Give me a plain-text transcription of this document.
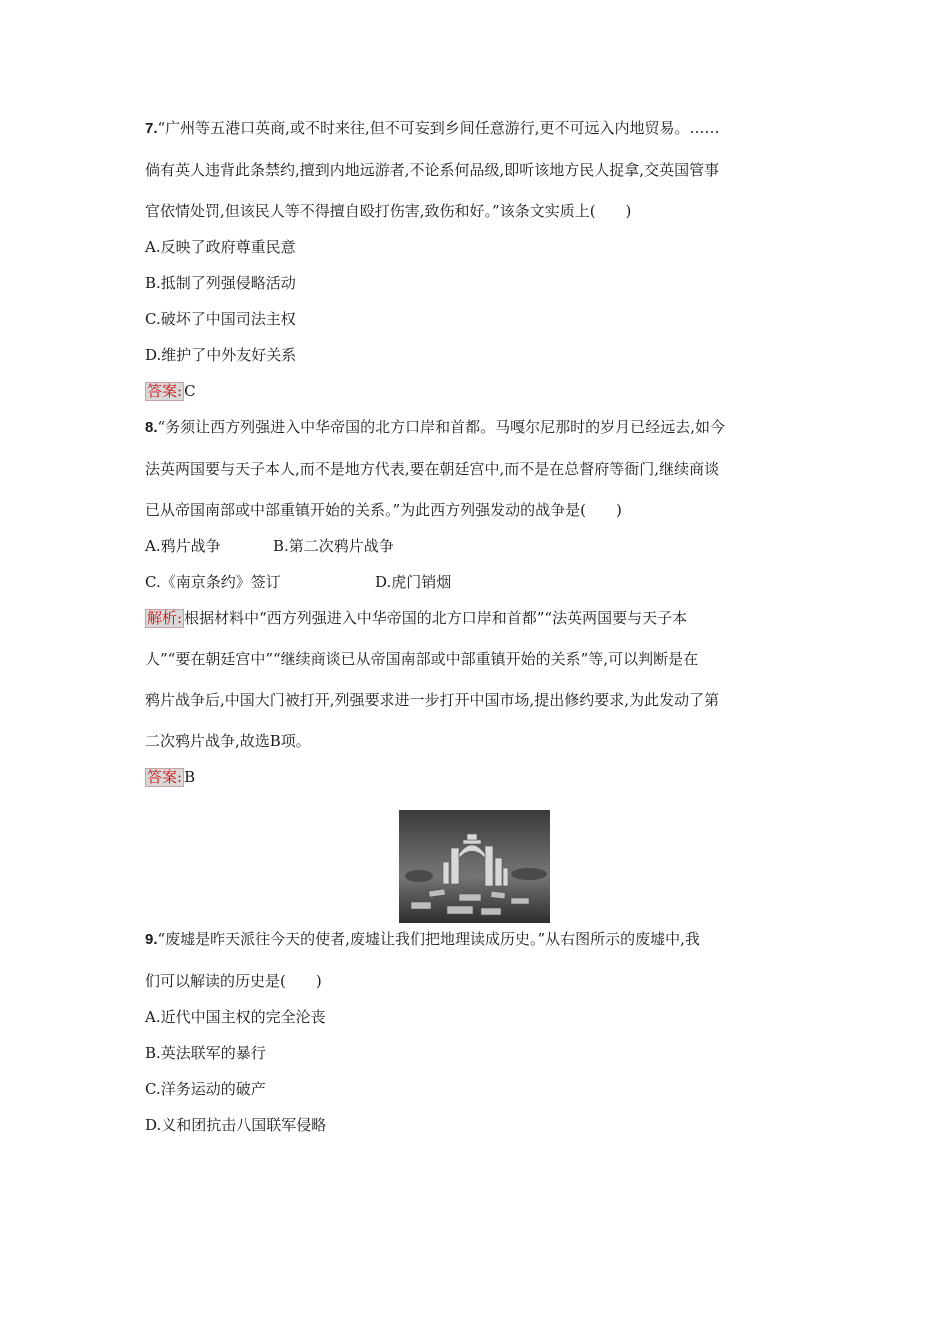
7.“广州等五港口英商,或不时来往,但不可妄到乡间任意游行,更不可远入内地贸易。……

倘有英人违背此条禁约,擅到内地远游者,不论系何品级,即听该地方民人捉拿,交英国管事

官依情处罚,但该民人等不得擅自殴打伤害,致伤和好。”该条文实质上(　　)

A.反映了政府尊重民意

B.抵制了列强侵略活动

C.破坏了中国司法主权

D.维护了中外友好关系

答案: C

8.“务须让西方列强进入中华帝国的北方口岸和首都。马嘎尔尼那时的岁月已经远去,如今

法英两国要与天子本人,而不是地方代表,要在朝廷宫中,而不是在总督府等衙门,继续商谈

已从帝国南部或中部重镇开始的关系。”为此西方列强发动的战争是(　　)

A.鸦片战争	B.第二次鸦片战争

C.《南京条约》签订	D.虎门销烟

解析: 根据材料中“西方列强进入中华帝国的北方口岸和首都”“法英两国要与天子本

人”“要在朝廷宫中”“继续商谈已从帝国南部或中部重镇开始的关系”等,可以判断是在

鸦片战争后,中国大门被打开,列强要求进一步打开中国市场,提出修约要求,为此发动了第

二次鸦片战争,故选B项。

答案: B

9.“废墟是昨天派往今天的使者,废墟让我们把地理读成历史。”从右图所示的废墟中,我

们可以解读的历史是(　　)

A.近代中国主权的完全沦丧

B.英法联军的暴行

C.洋务运动的破产

D.义和团抗击八国联军侵略
